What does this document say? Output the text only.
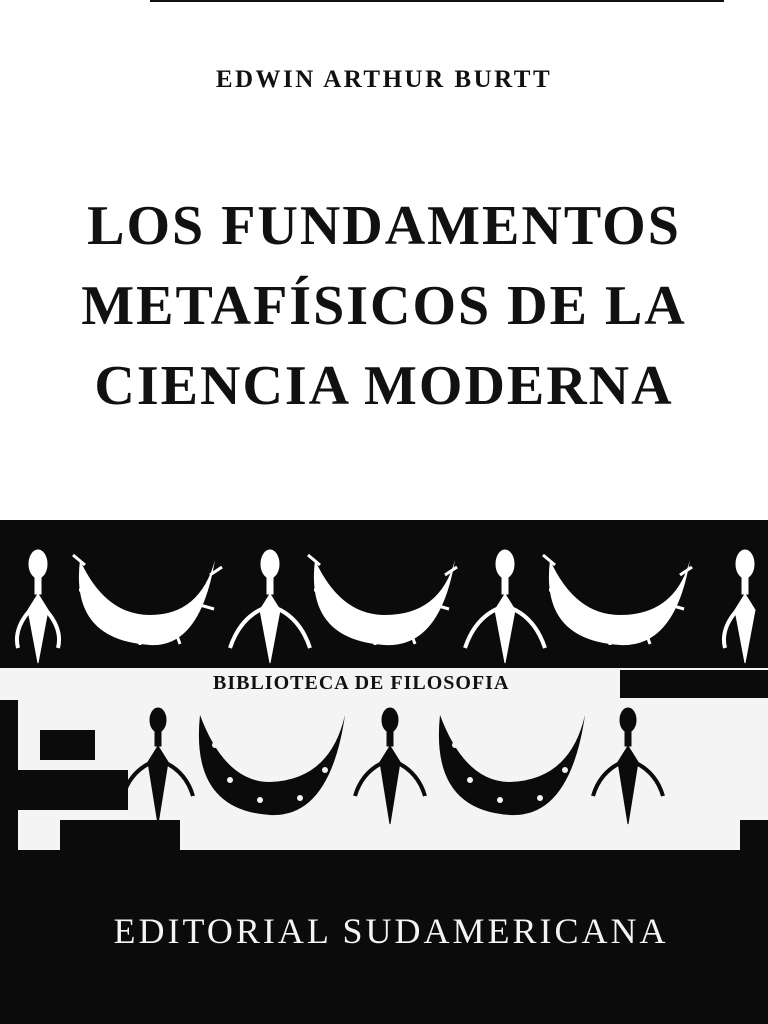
EDWIN ARTHUR BURTT
LOS FUNDAMENTOS
METAFÍSICOS DE LA
CIENCIA MODERNA
BIBLIOTECA DE FILOSOFIA
EDITORIAL SUDAMERICANA
